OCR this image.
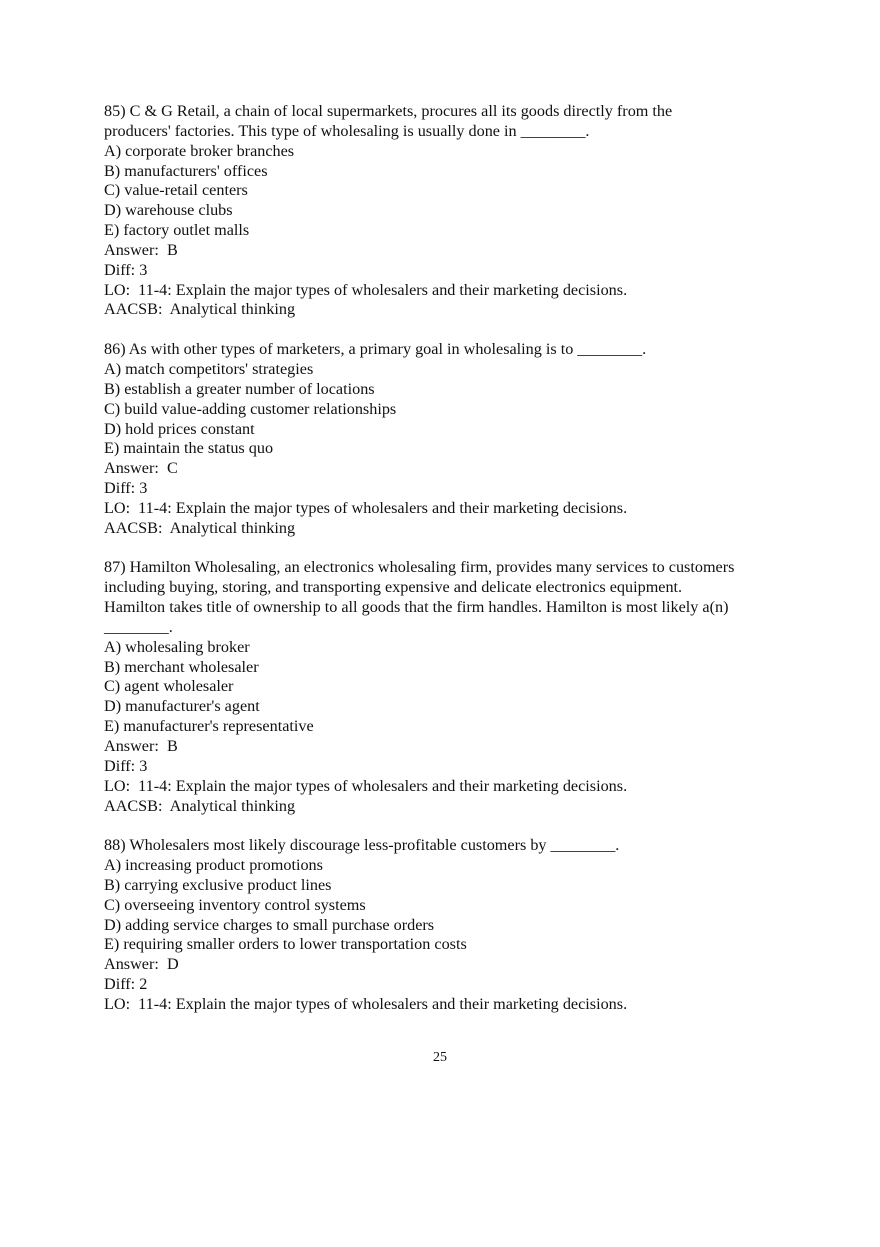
85) C & G Retail, a chain of local supermarkets, procures all its goods directly from the
producers' factories. This type of wholesaling is usually done in ________.
A) corporate broker branches
B) manufacturers' offices
C) value-retail centers
D) warehouse clubs
E) factory outlet malls
Answer:  B
Diff: 3
LO:  11-4: Explain the major types of wholesalers and their marketing decisions.
AACSB:  Analytical thinking
86) As with other types of marketers, a primary goal in wholesaling is to ________.
A) match competitors' strategies
B) establish a greater number of locations
C) build value-adding customer relationships
D) hold prices constant
E) maintain the status quo
Answer:  C
Diff: 3
LO:  11-4: Explain the major types of wholesalers and their marketing decisions.
AACSB:  Analytical thinking
87) Hamilton Wholesaling, an electronics wholesaling firm, provides many services to customers
including buying, storing, and transporting expensive and delicate electronics equipment.
Hamilton takes title of ownership to all goods that the firm handles. Hamilton is most likely a(n)
________.
A) wholesaling broker
B) merchant wholesaler
C) agent wholesaler
D) manufacturer's agent
E) manufacturer's representative
Answer:  B
Diff: 3
LO:  11-4: Explain the major types of wholesalers and their marketing decisions.
AACSB:  Analytical thinking
88) Wholesalers most likely discourage less-profitable customers by ________.
A) increasing product promotions
B) carrying exclusive product lines
C) overseeing inventory control systems
D) adding service charges to small purchase orders
E) requiring smaller orders to lower transportation costs
Answer:  D
Diff: 2
LO:  11-4: Explain the major types of wholesalers and their marketing decisions.
25
